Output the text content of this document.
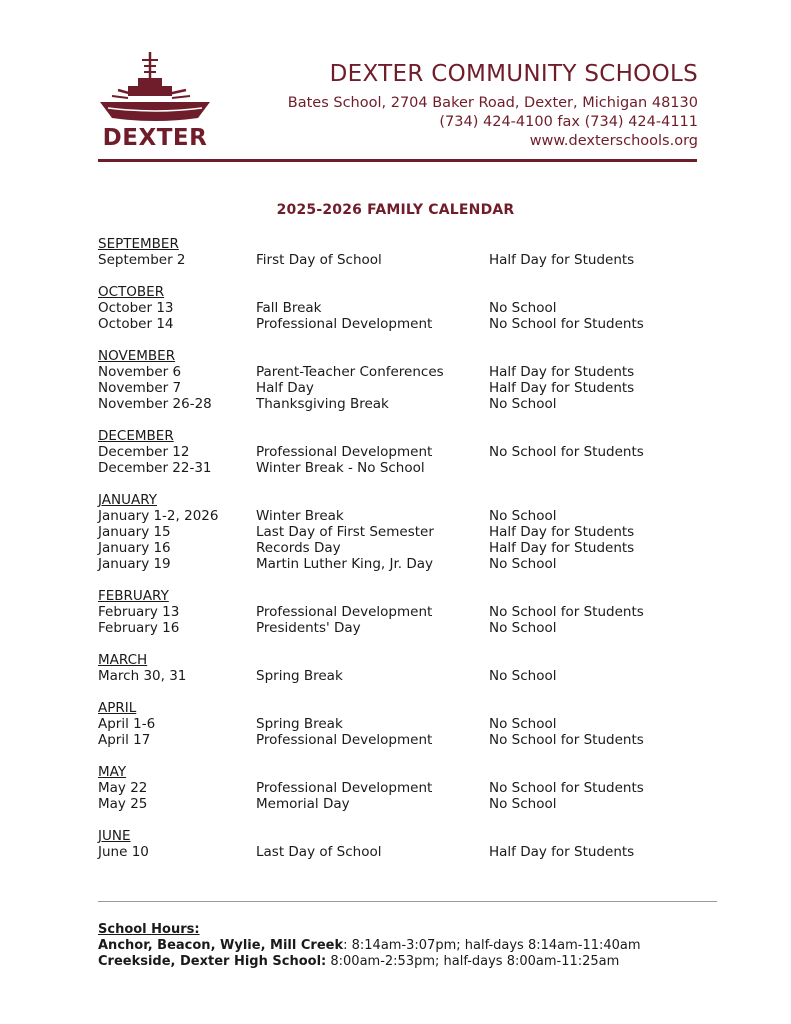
DEXTER
DEXTER COMMUNITY SCHOOLS
Bates School, 2704 Baker Road, Dexter, Michigan 48130
(734) 424-4100 fax (734) 424-4111
www.dexterschools.org
2025-2026 FAMILY CALENDAR
SEPTEMBER
September 2	First Day of School	Half Day for Students
OCTOBER
October 13	Fall Break	No School
October 14	Professional Development	No School for Students
NOVEMBER
November 6	Parent-Teacher Conferences	Half Day for Students
November 7	Half Day	Half Day for Students
November 26-28	Thanksgiving Break	No School
DECEMBER
December 12	Professional Development	No School for Students
December 22-31	Winter Break - No School
JANUARY
January 1-2, 2026	Winter Break	No School
January 15	Last Day of First Semester	Half Day for Students
January 16	Records Day	Half Day for Students
January 19	Martin Luther King, Jr. Day	No School
FEBRUARY
February 13	Professional Development	No School for Students
February 16	Presidents' Day	No School
MARCH
March 30, 31	Spring Break	No School
APRIL
April 1-6	Spring Break	No School
April 17	Professional Development	No School for Students
MAY
May 22	Professional Development	No School for Students
May 25	Memorial Day	No School
JUNE
June 10	Last Day of School	Half Day for Students
School Hours:
Anchor, Beacon, Wylie, Mill Creek: 8:14am-3:07pm; half-days 8:14am-11:40am
Creekside, Dexter High School: 8:00am-2:53pm; half-days 8:00am-11:25am
